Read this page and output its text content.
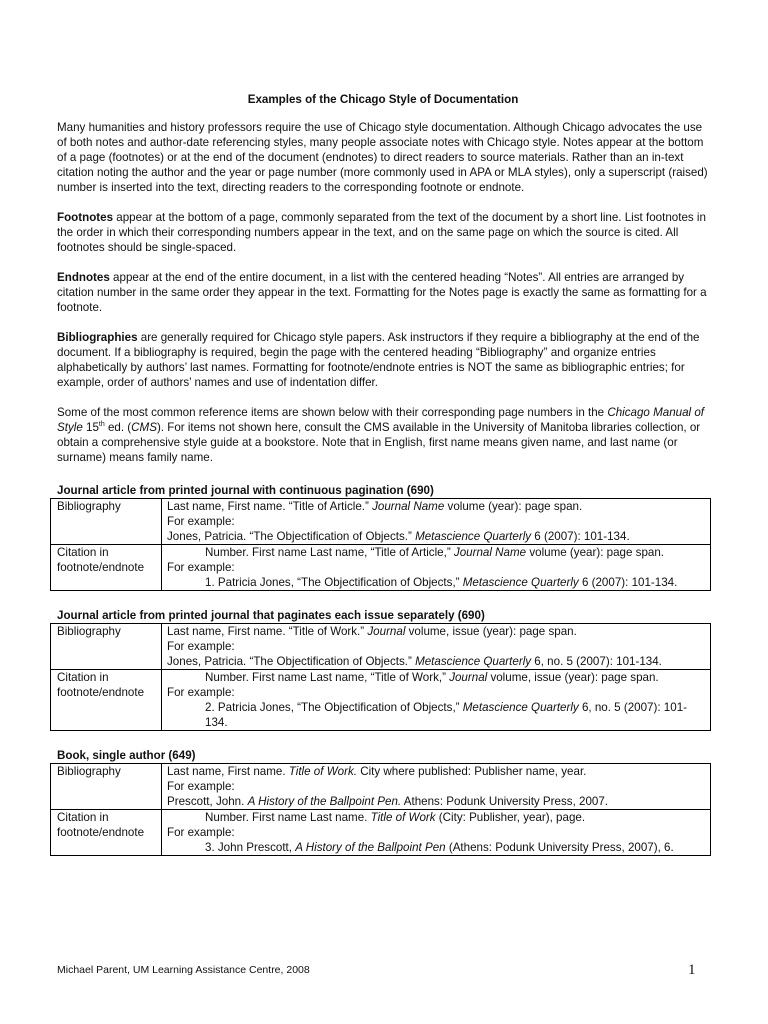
Examples of the Chicago Style of Documentation

Many humanities and history professors require the use of Chicago style documentation. Although Chicago advocates the use of both notes and author-date referencing styles, many people associate notes with Chicago style. Notes appear at the bottom of a page (footnotes) or at the end of the document (endnotes) to direct readers to source materials. Rather than an in-text citation noting the author and the year or page number (more commonly used in APA or MLA styles), only a superscript (raised) number is inserted into the text, directing readers to the corresponding footnote or endnote.

Footnotes appear at the bottom of a page, commonly separated from the text of the document by a short line. List footnotes in the order in which their corresponding numbers appear in the text, and on the same page on which the source is cited. All footnotes should be single-spaced.

Endnotes appear at the end of the entire document, in a list with the centered heading “Notes”. All entries are arranged by citation number in the same order they appear in the text. Formatting for the Notes page is exactly the same as formatting for a footnote.

Bibliographies are generally required for Chicago style papers. Ask instructors if they require a bibliography at the end of the document. If a bibliography is required, begin the page with the centered heading “Bibliography” and organize entries alphabetically by authors’ last names. Formatting for footnote/endnote entries is NOT the same as bibliographic entries; for example, order of authors’ names and use of indentation differ.

Some of the most common reference items are shown below with their corresponding page numbers in the Chicago Manual of Style 15th ed. (CMS). For items not shown here, consult the CMS available in the University of Manitoba libraries collection, or obtain a comprehensive style guide at a bookstore. Note that in English, first name means given name, and last name (or surname) means family name.

Journal article from printed journal with continuous pagination (690)
Bibliography	Last name, First name. “Title of Article.” Journal Name volume (year): page span.
For example:
Jones, Patricia. “The Objectification of Objects.” Metascience Quarterly 6 (2007): 101-134.

Citation in footnote/endnote	Number. First name Last name, “Title of Article,” Journal Name volume (year): page span.
For example:
1. Patricia Jones, “The Objectification of Objects,” Metascience Quarterly 6 (2007): 101-134.
Journal article from printed journal that paginates each issue separately (690)
Bibliography	Last name, First name. “Title of Work.” Journal volume, issue (year): page span.
For example:
Jones, Patricia. “The Objectification of Objects.” Metascience Quarterly 6, no. 5 (2007): 101-134.

Citation in footnote/endnote	Number. First name Last name, “Title of Work,” Journal volume, issue (year): page span.
For example:
2. Patricia Jones, “The Objectification of Objects,” Metascience Quarterly 6, no. 5 (2007): 101-134.
Book, single author (649)
Bibliography	Last name, First name. Title of Work. City where published: Publisher name, year.
For example:
Prescott, John. A History of the Ballpoint Pen. Athens: Podunk University Press, 2007.

Citation in footnote/endnote	Number. First name Last name. Title of Work (City: Publisher, year), page.
For example:
3. John Prescott, A History of the Ballpoint Pen (Athens: Podunk University Press, 2007), 6.
Michael Parent, UM Learning Assistance Centre, 2008	1
